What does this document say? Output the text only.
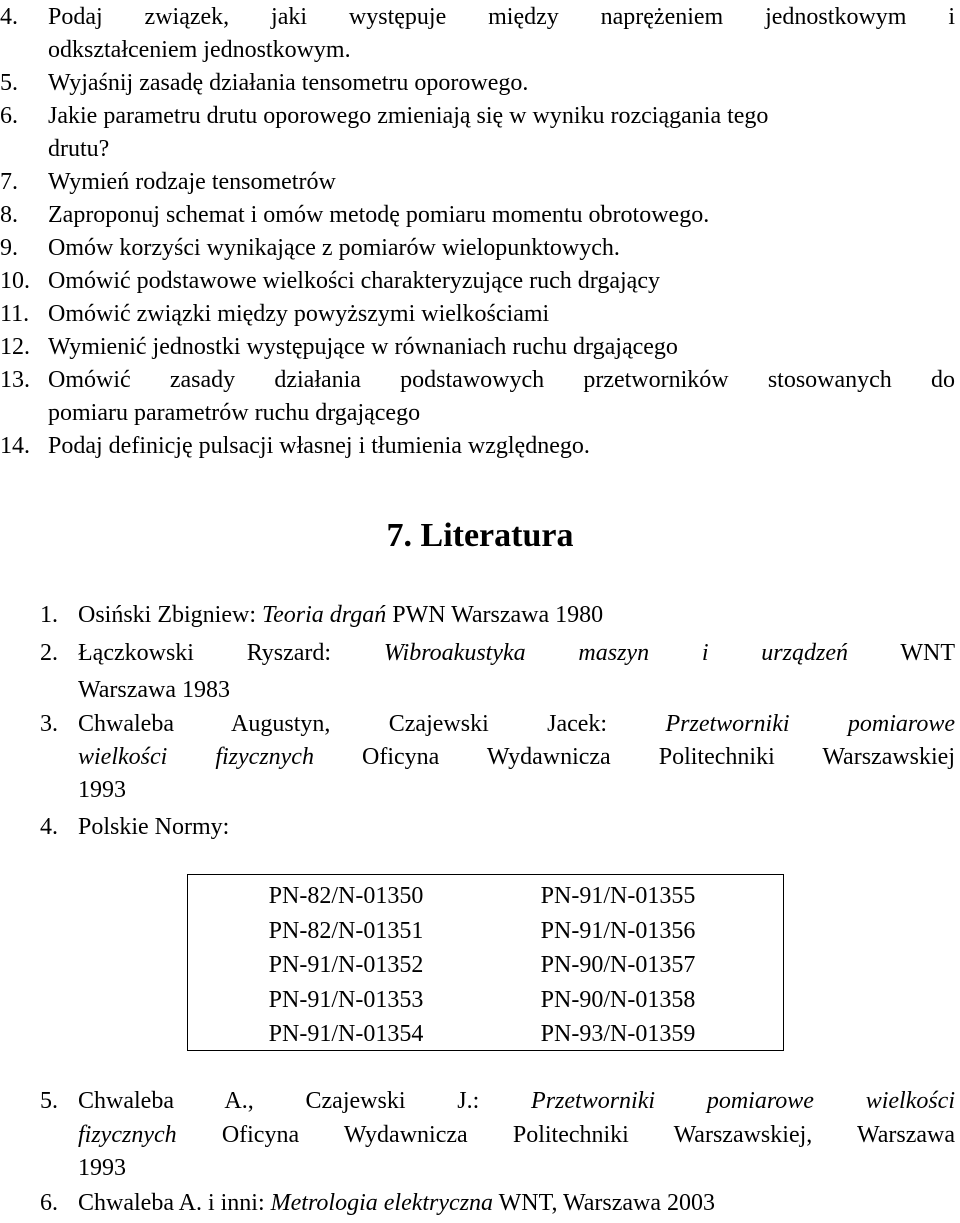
4. Podaj związek, jaki występuje między naprężeniem jednostkowym i
odkształceniem jednostkowym.
5. Wyjaśnij zasadę działania tensometru oporowego.
6. Jakie parametru drutu oporowego zmieniają się w wyniku rozciągania tego
drutu?
7. Wymień rodzaje tensometrów
8. Zaproponuj schemat i omów metodę pomiaru momentu obrotowego.
9. Omów korzyści wynikające z pomiarów wielopunktowych.
10. Omówić podstawowe wielkości charakteryzujące ruch drgający
11. Omówić związki między powyższymi wielkościami
12. Wymienić jednostki występujące w równaniach ruchu drgającego
13. Omówić zasady działania podstawowych przetworników stosowanych do
pomiaru parametrów ruchu drgającego
14. Podaj definicję pulsacji własnej i tłumienia względnego.
7. Literatura
1. Osiński Zbigniew: Teoria drgań PWN Warszawa 1980
2. Łączkowski Ryszard: Wibroakustyka maszyn i urządzeń WNT
Warszawa 1983
3. Chwaleba Augustyn, Czajewski Jacek: Przetworniki pomiarowe
wielkości fizycznych Oficyna Wydawnicza Politechniki Warszawskiej
1993
4. Polskie Normy:
PN-82/N-01350
PN-82/N-01351
PN-91/N-01352
PN-91/N-01353
PN-91/N-01354
PN-91/N-01355
PN-91/N-01356
PN-90/N-01357
PN-90/N-01358
PN-93/N-01359
5. Chwaleba A., Czajewski J.: Przetworniki pomiarowe wielkości
fizycznych Oficyna Wydawnicza Politechniki Warszawskiej, Warszawa
1993
6. Chwaleba A. i inni: Metrologia elektryczna WNT, Warszawa 2003
